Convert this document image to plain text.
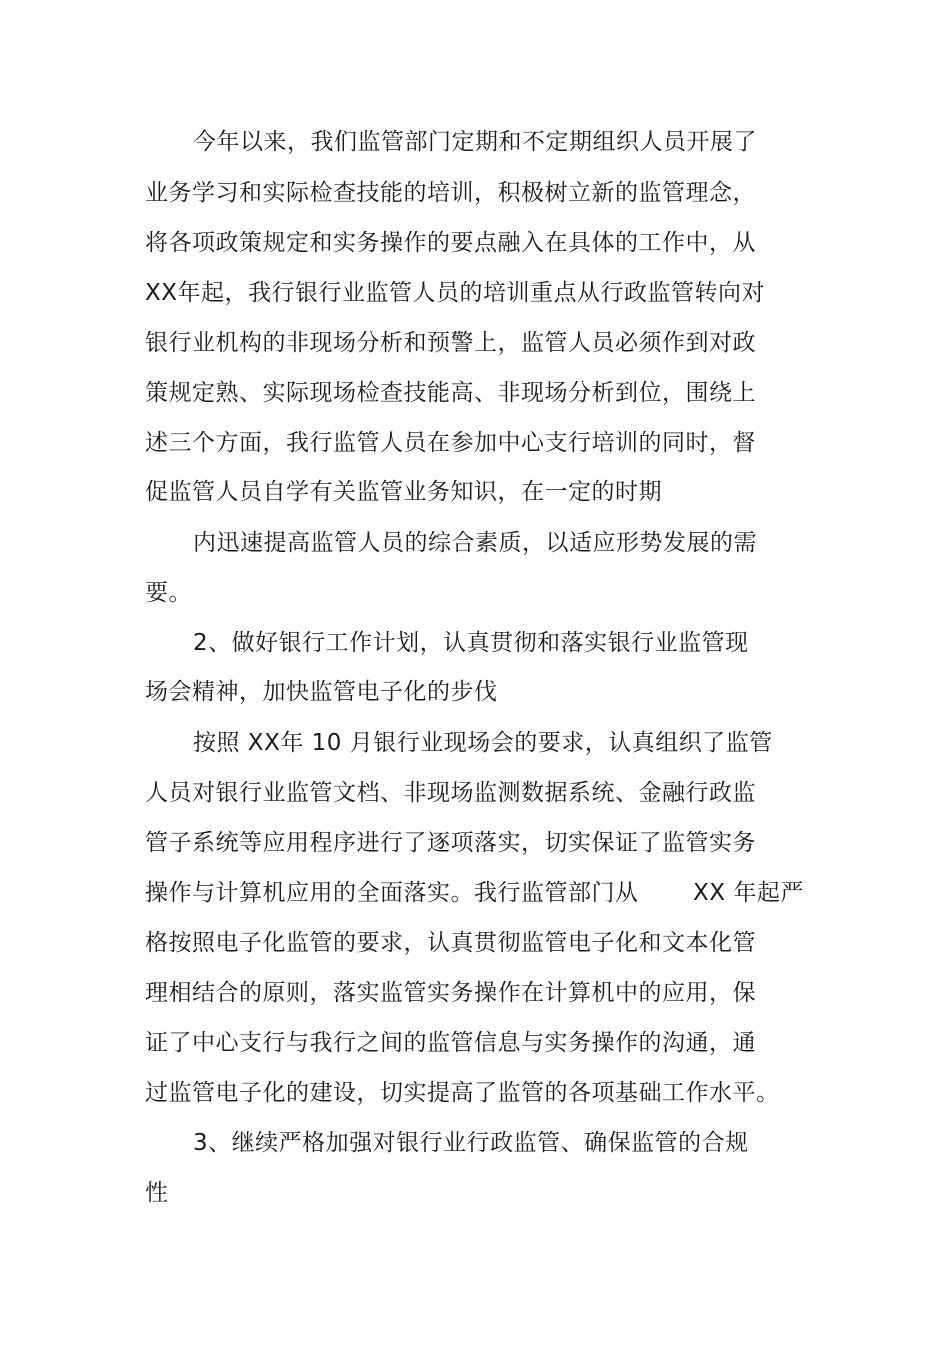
今年以来，我们监管部门定期和不定期组织人员开展了
业务学习和实际检查技能的培训，积极树立新的监管理念，
将各项政策规定和实务操作的要点融入在具体的工作中，从
XX年起，我行银行业监管人员的培训重点从行政监管转向对
银行业机构的非现场分析和预警上，监管人员必须作到对政
策规定熟、实际现场检查技能高、非现场分析到位，围绕上
述三个方面，我行监管人员在参加中心支行培训的同时，督
促监管人员自学有关监管业务知识，在一定的时期
内迅速提高监管人员的综合素质，以适应形势发展的需
要。
2、做好银行工作计划，认真贯彻和落实银行业监管现
场会精神，加快监管电子化的步伐
按照 XX年 10 月银行业现场会的要求，认真组织了监管
人员对银行业监管文档、非现场监测数据系统、金融行政监
管子系统等应用程序进行了逐项落实，切实保证了监管实务
操作与计算机应用的全面落实。我行监管部门从 XX 年起严
格按照电子化监管的要求，认真贯彻监管电子化和文本化管
理相结合的原则，落实监管实务操作在计算机中的应用，保
证了中心支行与我行之间的监管信息与实务操作的沟通，通
过监管电子化的建设，切实提高了监管的各项基础工作水平。
3、继续严格加强对银行业行政监管、确保监管的合规
性
